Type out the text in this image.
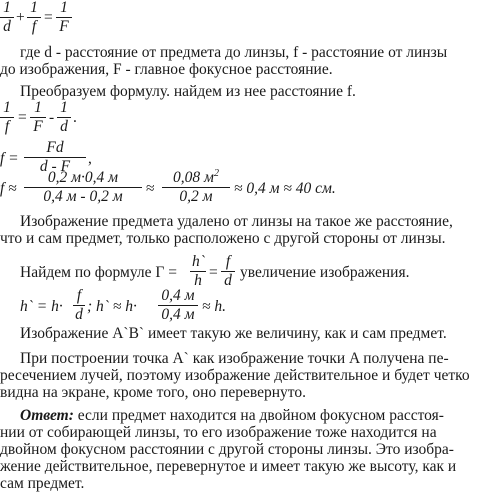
1
d
+
1
f
=
1
F
где d - расстояние от предмета до линзы, f - расстояние от линзы
до изображения, F - главное фокусное расстояние.
Преобразуем формулу. найдем из нее расстояние f.
1
f
=
1
F
-
1
d
.
f =
Fd
d - F	,
f ≈
0,2 м·0,4 м
0,4 м - 0,2 м	≈
0,08 $м^2$
0,2 м	≈ 0,4 м ≈ 40 см.
Изображение предмета удалено от линзы на такое же расстояние,
что и сам предмет, только расположено с другой стороны от линзы.
Найдем по формуле Г =
h`
h =
f
d увеличение изображения.
h` = h·
f
d ; h` ≈ h·
0,4 м
0,4 м ≈ h.
Изображение A`B` имеет такую же величину, как и сам предмет.
При построении точка A` как изображение точки A получена пе-
ресечением лучей, поэтому изображение действительное и будет четко
видна на экране, кроме того, оно перевернуто.
Ответ: если предмет находится на двойном фокусном расстоя-
нии от собирающей линзы, то его изображение тоже находится на
двойном фокусном расстоянии с другой стороны линзы. Это изобра-
жение действительное, перевернутое и имеет такую же высоту, как и
сам предмет.
